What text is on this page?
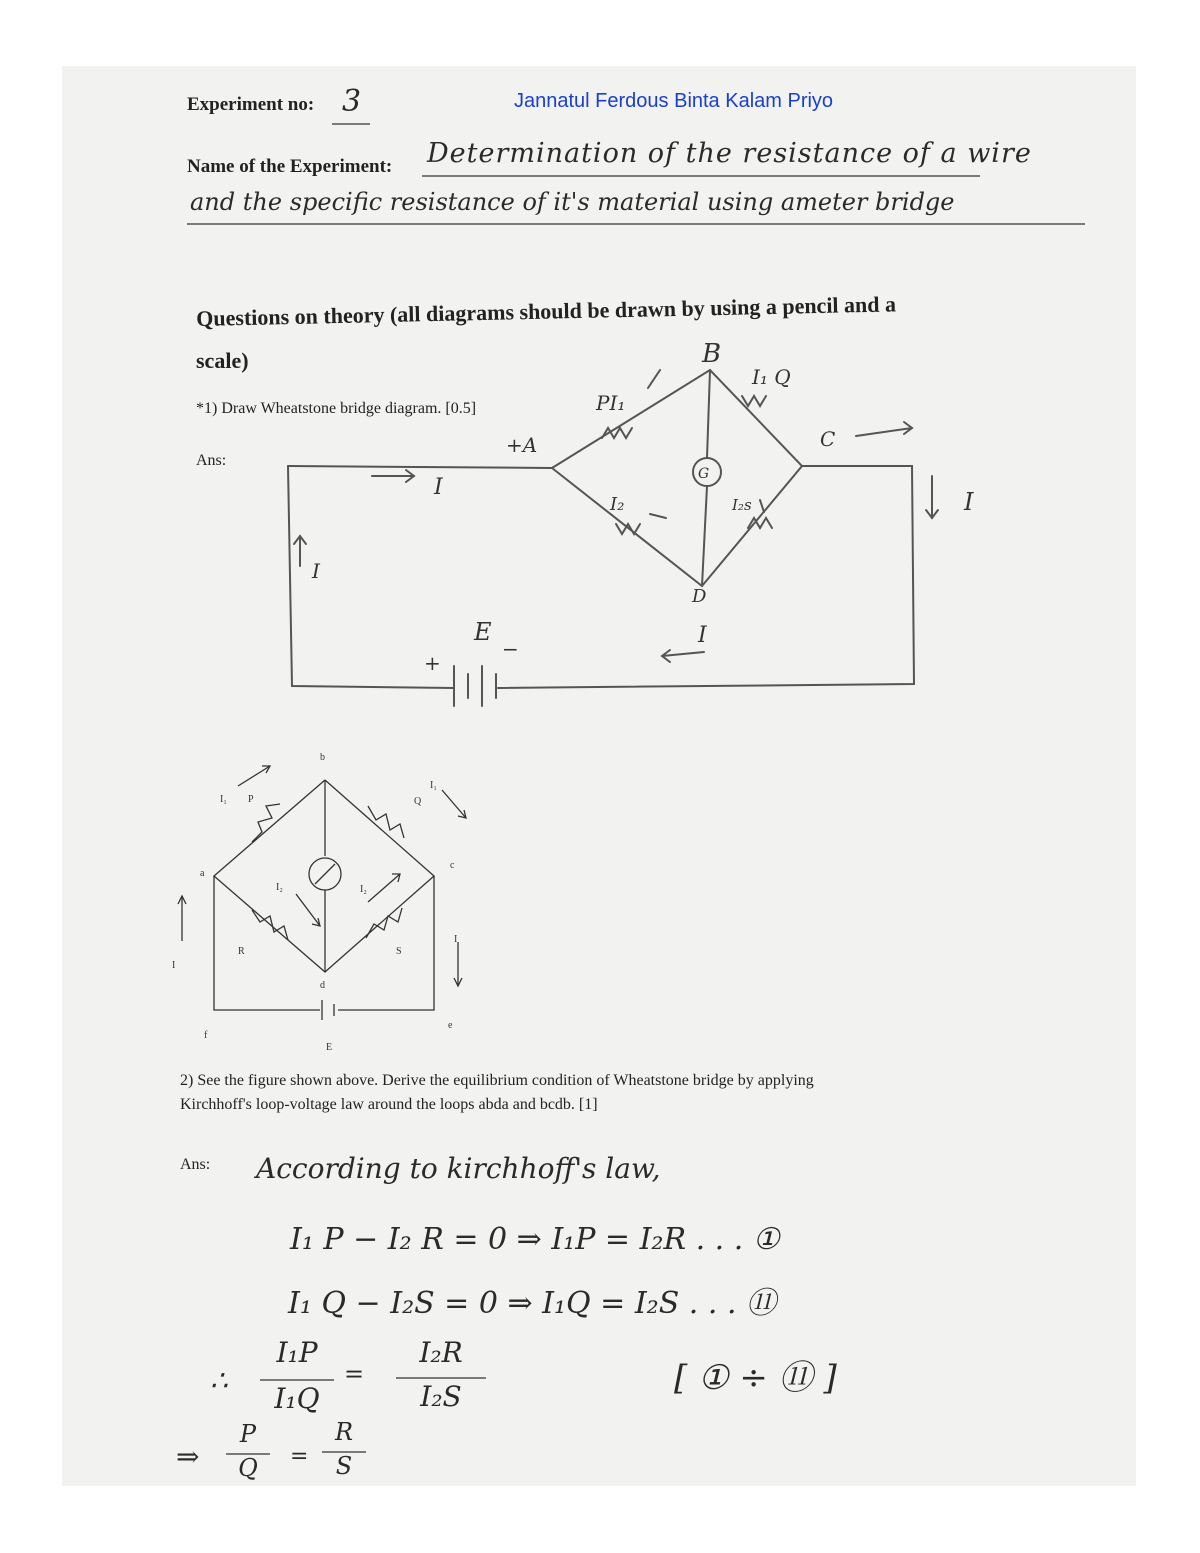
Experiment no: 3	Jannatul Ferdous Binta Kalam Priyo
Name of the Experiment: Determination of the resistance of a wire
and the specific resistance of it's material using ameter bridge
Questions on theory (all diagrams should be drawn by using a pencil and a
scale)
*1) Draw Wheatstone bridge diagram. [0.5]
Ans:
B
+A
D
C
PI₁
I₁ Q
I₂	I₂s
G
E
+
−
I
I
I
I
b
a
c
d
e
f
P	Q
R	S
E
I₁
I₁
I₂	I₂
I
I
2) See the figure shown above. Derive the equilibrium condition of Wheatstone bridge by applying
Kirchhoff's loop-voltage law around the loops abda and bcdb. [1]
Ans: According to kirchhoff's law,
I₁ P − I₂ R = 0 ⇒ I₁P = I₂R . . . ①
I₁ Q − I₂S = 0 ⇒ I₁Q = I₂S . . . ⑪
∴
I₁P
I₁Q
=
I₂R
I₂S	[ ① ÷ ⑪ ]
⇒
P
Q	=
R
S
